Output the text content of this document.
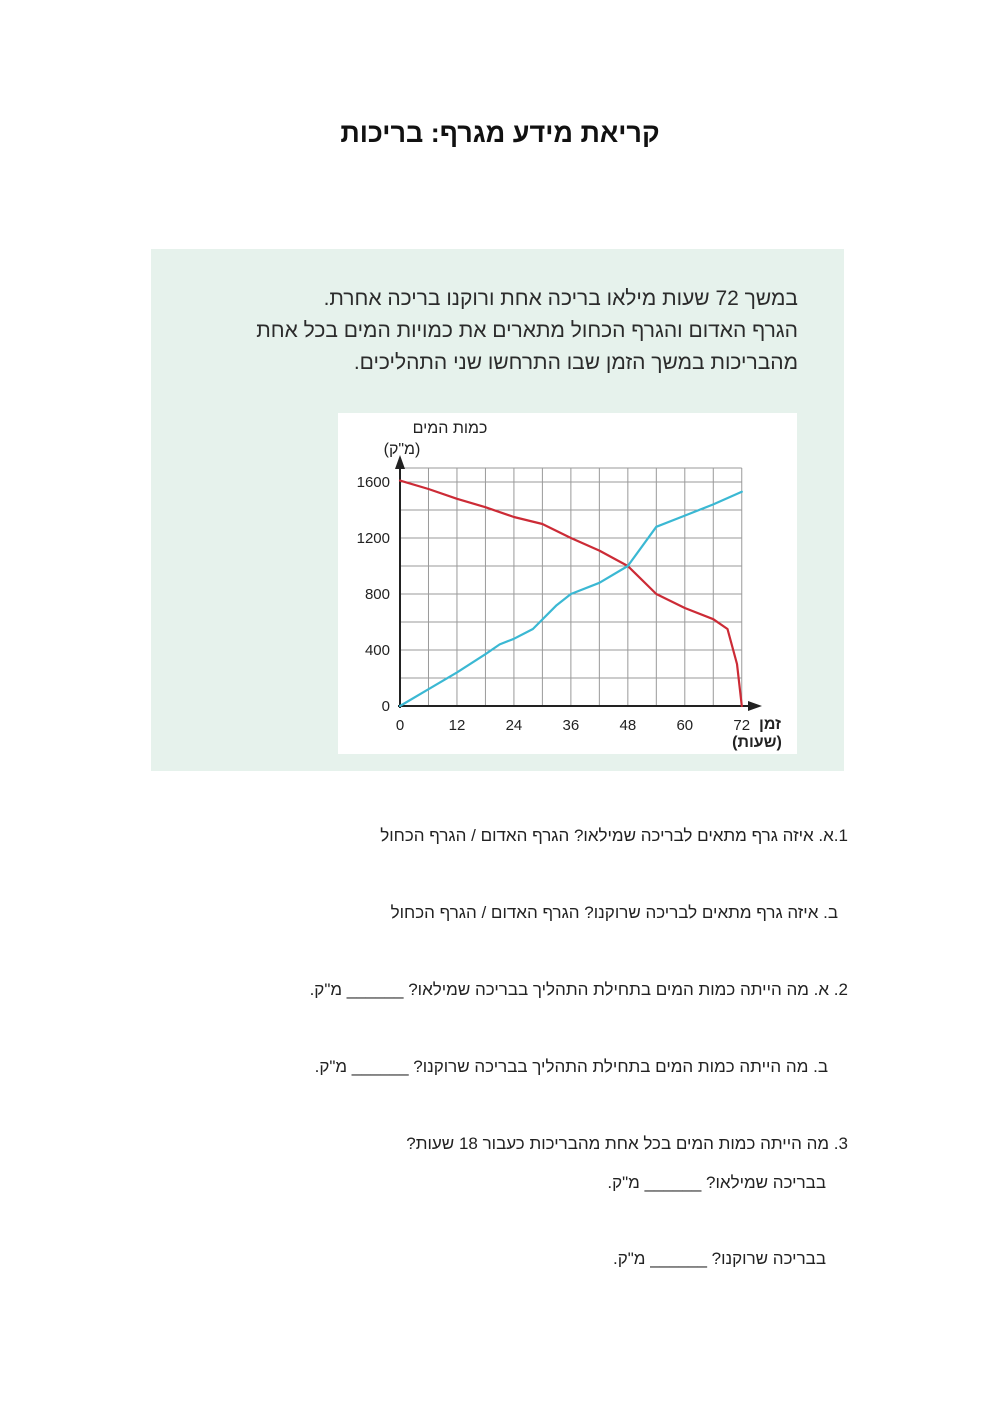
קריאת מידע מגרף: בריכות
במשך 72 שעות מילאו בריכה אחת ורוקנו בריכה אחרת.
הגרף האדום והגרף הכחול מתארים את כמויות המים בכל אחת
מהבריכות במשך הזמן שבו התרחשו שני התהליכים.
0	12	24	36	48	60	72
0
400
800
1200
1600
כמות המים
(מ"ק)
זמן
(שעות)
1.א. איזה גרף מתאים לבריכה שמילאו? הגרף האדום / הגרף הכחול
ב. איזה גרף מתאים לבריכה שרוקנו? הגרף האדום / הגרף הכחול
2. א. מה הייתה כמות המים בתחילת התהליך בבריכה שמילאו? ______ מ"ק.
ב. מה הייתה כמות המים בתחילת התהליך בבריכה שרוקנו? ______ מ"ק.
3. מה הייתה כמות המים בכל אחת מהבריכות כעבור 18 שעות?
בבריכה שמילאו? ______ מ"ק.
בבריכה שרוקנו? ______ מ"ק.
